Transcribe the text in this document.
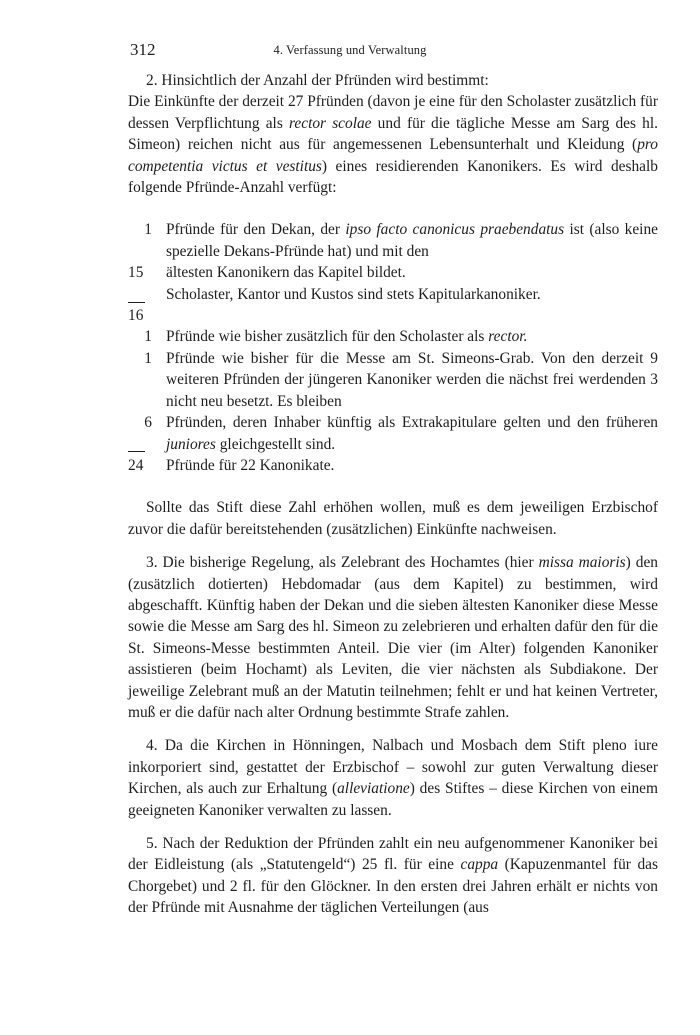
312	4. Verfassung und Verwaltung

2. Hinsichtlich der Anzahl der Pfründen wird bestimmt:

Die Einkünfte der derzeit 27 Pfründen (davon je eine für den Scholaster zusätzlich für dessen Verpflichtung als rector scolae und für die tägliche Messe am Sarg des hl. Simeon) reichen nicht aus für angemessenen Lebensunterhalt und Kleidung (pro competentia victus et vestitus) eines residierenden Kanonikers. Es wird deshalb folgende Pfründe-Anzahl verfügt:

1 Pfründe für den Dekan, der ipso facto canonicus praebendatus ist (also keine spezielle Dekans-Pfründe hat) und mit den
15	ältesten Kanonikern das Kapitel bildet.
Scholaster, Kantor und Kustos sind stets Kapitularkanoniker.
16
1 Pfründe wie bisher zusätzlich für den Scholaster als rector.
1 Pfründe wie bisher für die Messe am St. Simeons-Grab. Von den derzeit 9 weiteren Pfründen der jüngeren Kanoniker werden die nächst frei werdenden 3 nicht neu besetzt. Es bleiben
6 Pfründen, deren Inhaber künftig als Extrakapitulare gelten und den früheren juniores gleichgestellt sind.
24	Pfründe für 22 Kanonikate.

Sollte das Stift diese Zahl erhöhen wollen, muß es dem jeweiligen Erzbischof zuvor die dafür bereitstehenden (zusätzlichen) Einkünfte nachweisen.

3. Die bisherige Regelung, als Zelebrant des Hochamtes (hier missa maioris) den (zusätzlich dotierten) Hebdomadar (aus dem Kapitel) zu bestimmen, wird abgeschafft. Künftig haben der Dekan und die sieben ältesten Kanoniker diese Messe sowie die Messe am Sarg des hl. Simeon zu zelebrieren und erhalten dafür den für die St. Simeons-Messe bestimmten Anteil. Die vier (im Alter) folgenden Kanoniker assistieren (beim Hochamt) als Leviten, die vier nächsten als Subdiakone. Der jeweilige Zelebrant muß an der Matutin teilnehmen; fehlt er und hat keinen Vertreter, muß er die dafür nach alter Ordnung bestimmte Strafe zahlen.

4. Da die Kirchen in Hönningen, Nalbach und Mosbach dem Stift pleno iure inkorporiert sind, gestattet der Erzbischof – sowohl zur guten Verwaltung dieser Kirchen, als auch zur Erhaltung (alleviatione) des Stiftes – diese Kirchen von einem geeigneten Kanoniker verwalten zu lassen.

5. Nach der Reduktion der Pfründen zahlt ein neu aufgenommener Kanoniker bei der Eidleistung (als „Statutengeld“) 25 fl. für eine cappa (Kapuzenmantel für das Chorgebet) und 2 fl. für den Glöckner. In den ersten drei Jahren erhält er nichts von der Pfründe mit Ausnahme der täglichen Verteilungen (aus
